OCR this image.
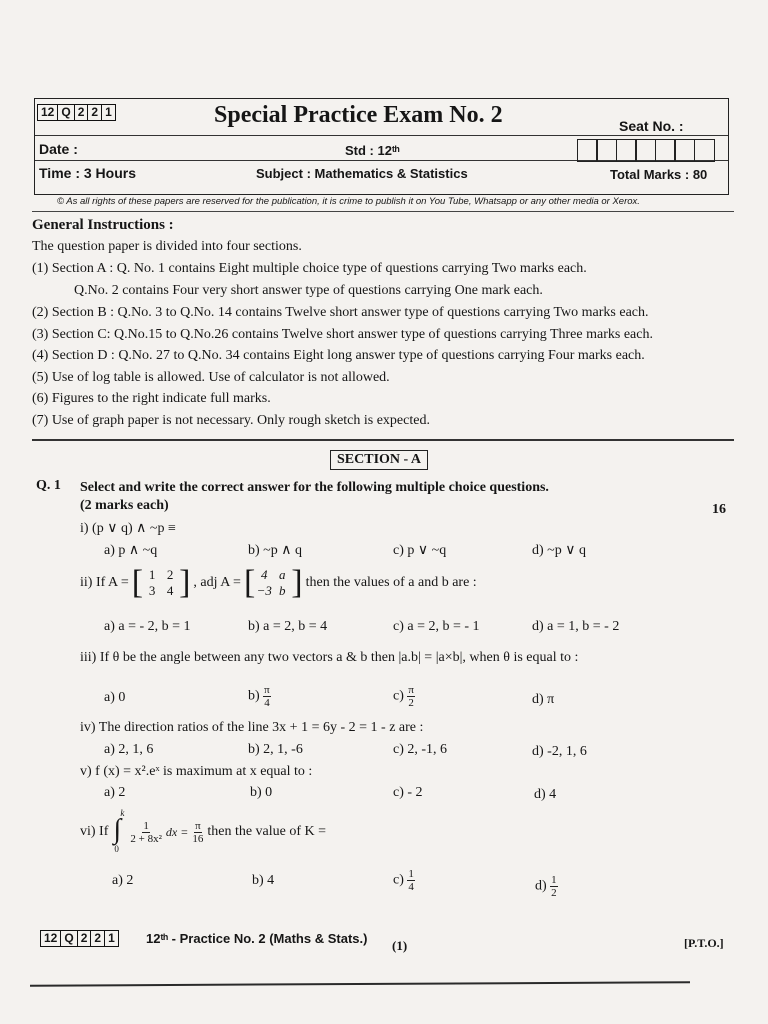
12 Q 2 2 1	Special Practice Exam No. 2	Seat No. :
Date :	Std : 12ᵗʰ
Time : 3 Hours	Subject : Mathematics & Statistics	Total Marks : 80
© As all rights of these papers are reserved for the publication, it is crime to publish it on You Tube, Whatsapp or any other media or Xerox.
General Instructions :
The question paper is divided into four sections.
(1) Section A : Q. No. 1 contains Eight multiple choice type of questions carrying Two marks each.
Q.No. 2 contains Four very short answer type of questions carrying One mark each.
(2) Section B : Q.No. 3 to Q.No. 14 contains Twelve short answer type of questions carrying Two marks each.
(3) Section C: Q.No.15 to Q.No.26 contains Twelve short answer type of questions carrying Three marks each.
(4) Section D : Q.No. 27 to Q.No. 34 contains Eight long answer type of questions carrying Four marks each.
(5) Use of log table is allowed. Use of calculator is not allowed.
(6) Figures to the right indicate full marks.
(7) Use of graph paper is not necessary. Only rough sketch is expected.
SECTION - A
Q. 1 Select and write the correct answer for the following multiple choice questions.
(2 marks each)	16
i) (p ∨ q) ∧ ~p ≡
a) p ∧ ~q	b) ~p ∧ q	c) p ∨ ~q	d) ~p ∨ q
ii) If A = [ 1 2
3 4 ] , adj A = [ 4 a
−3 b ] then the values of a and b are :
a) a = - 2, b = 1	b) a = 2, b = 4	c) a = 2, b = - 1	d) a = 1, b = - 2
iii) If θ be the angle between any two vectors a & b then |a.b| = |a×b|, when θ is equal to :
a) 0	$b) \frac{\pi}{4}$	$c) \frac{\pi}{2}$	d) π
iv) The direction ratios of the line 3x + 1 = 6y - 2 = 1 - z are :
a) 2, 1, 6	b) 2, 1, -6	c) 2, -1, 6	d) -2, 1, 6
v) f (x) = x².eˣ is maximum at x equal to :
a) 2	b) 0	c) - 2	d) 4
vi) If ∫
k
0
$\frac{1}{\text{2 + 8x²}}$ dx = $\frac{\pi}{16}$ then the value of K =
a) 2	b) 4	$c) \frac{1}{4}$	$d) \frac{1}{2}$
12 Q 2 2 1 12ᵗʰ - Practice No. 2 (Maths & Stats.) (1)	[P.T.O.]
